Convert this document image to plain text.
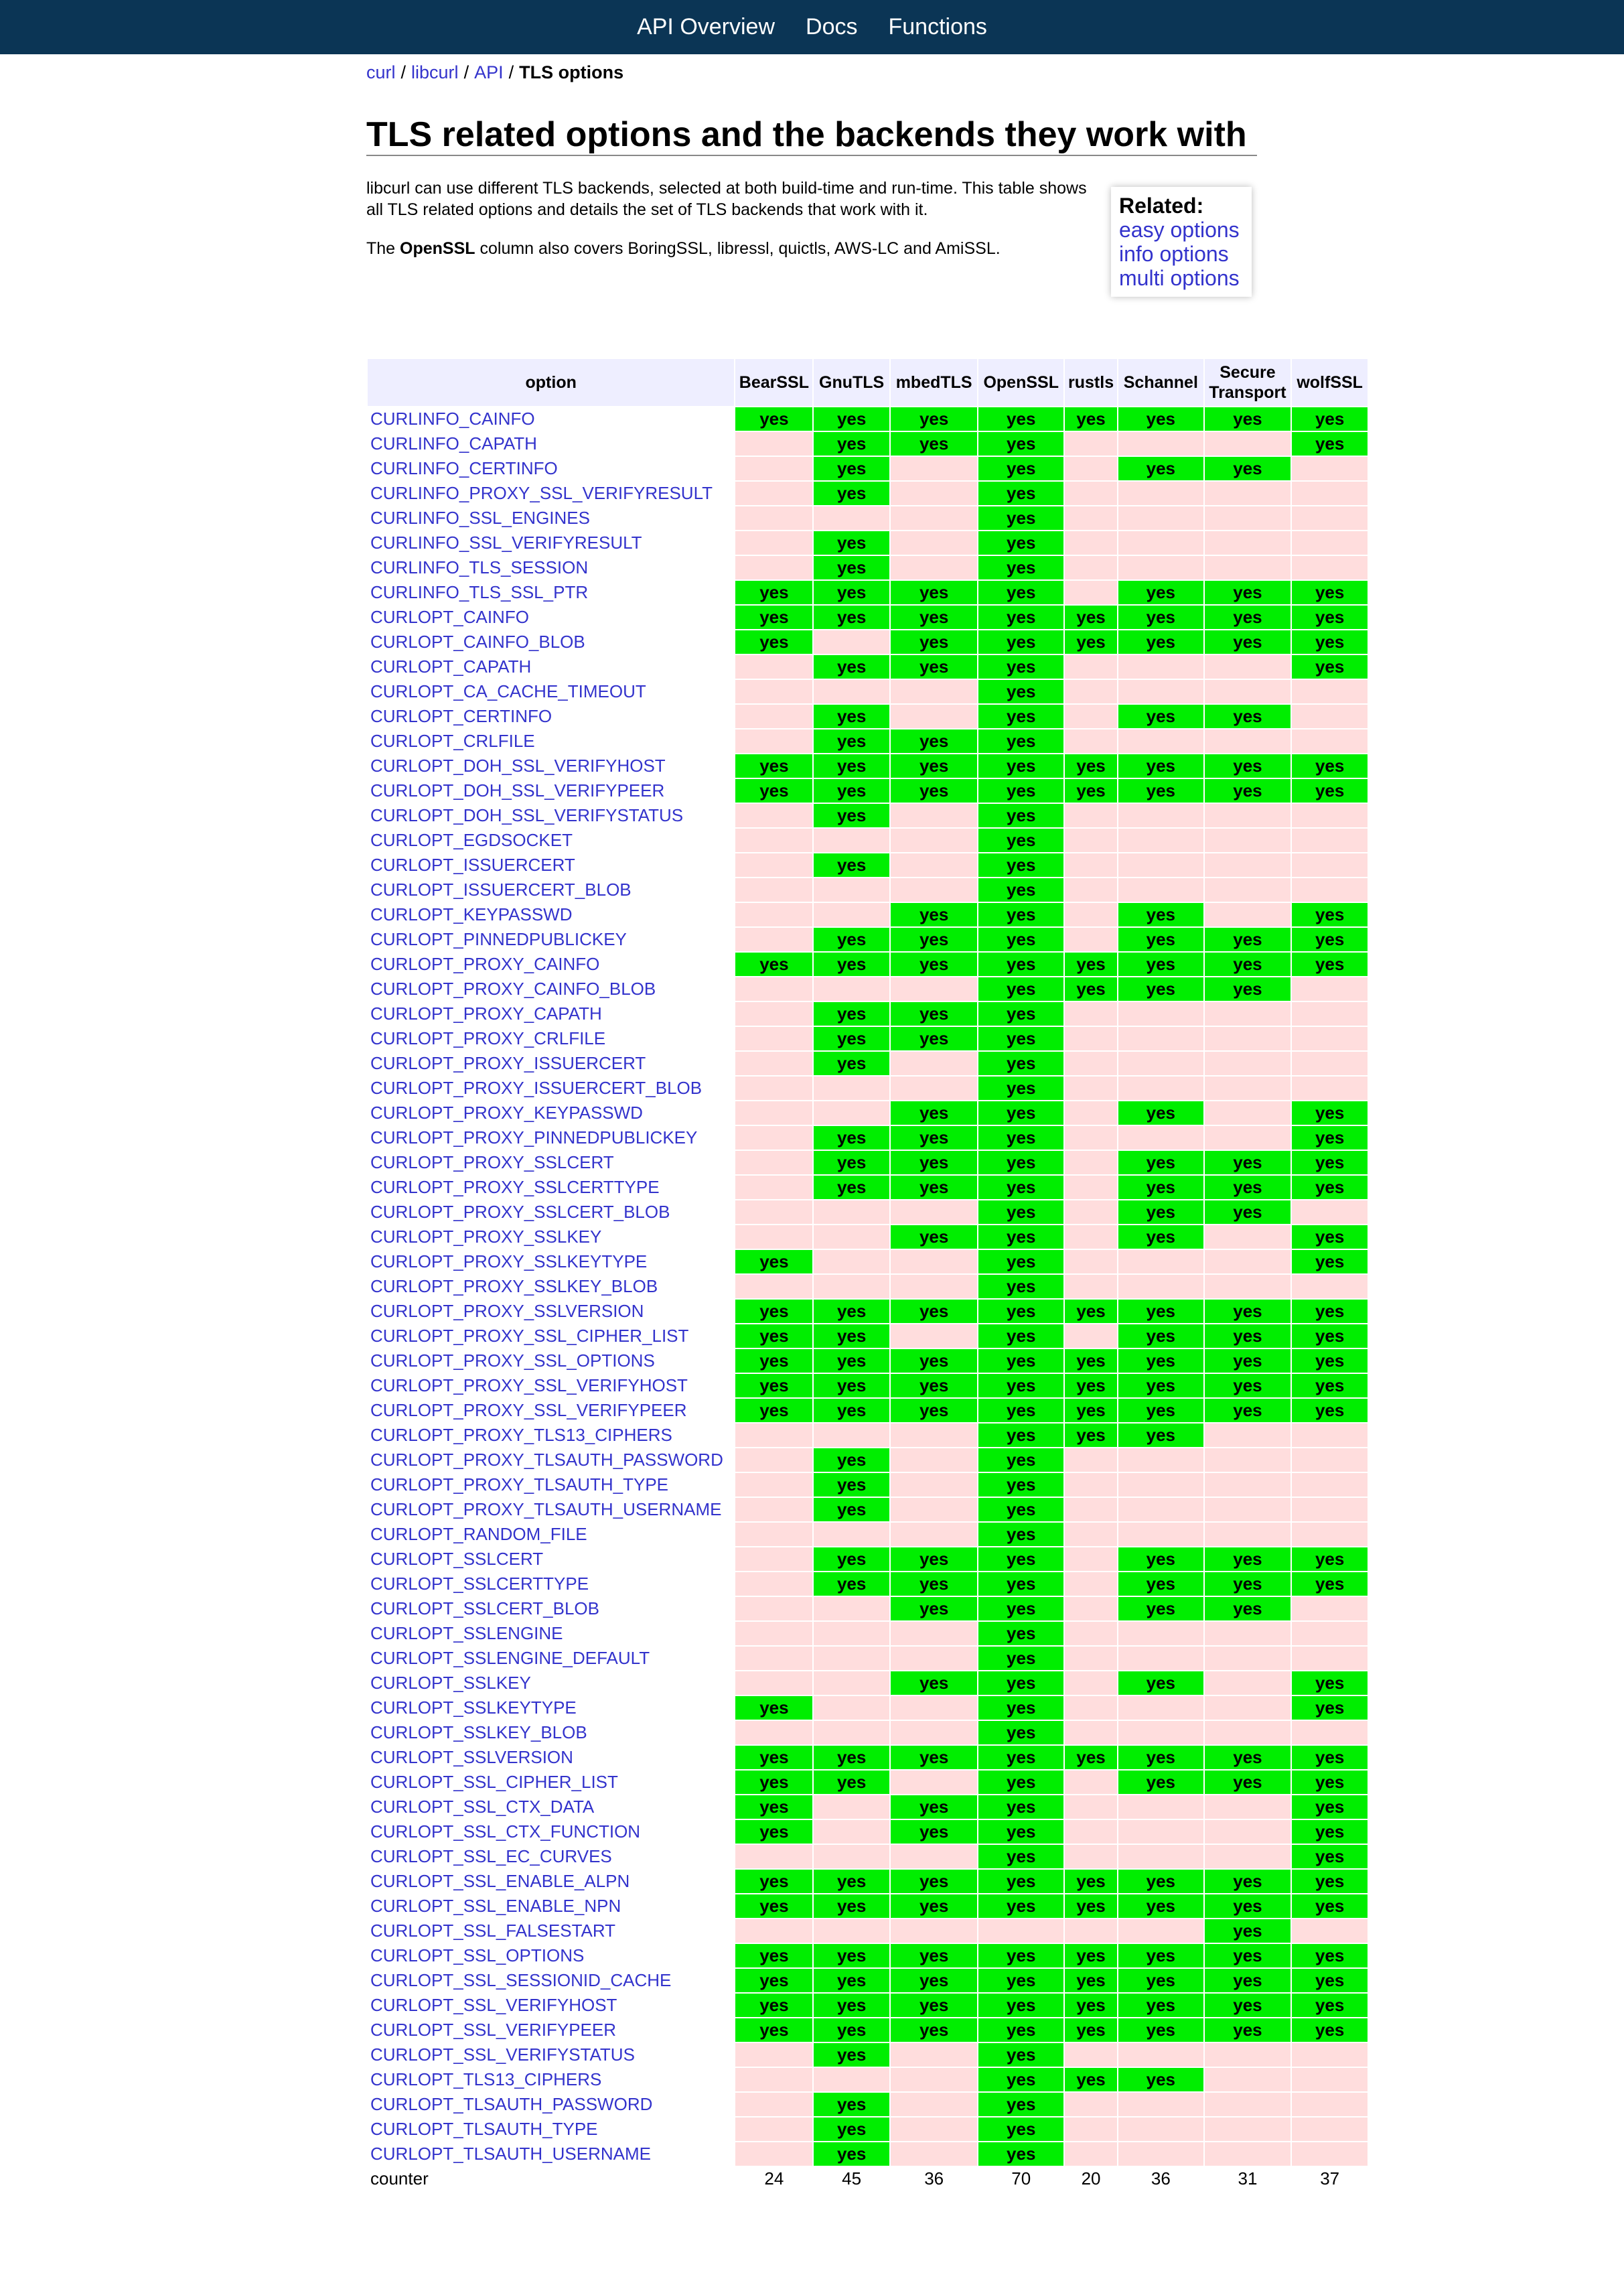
API Overview Docs Functions
curl / libcurl / API / TLS options
TLS related options and the backends they work with

libcurl can use different TLS backends, selected at both build-time and run-time. This table shows all TLS related options and details the set of TLS backends that work with it.

The OpenSSL column also covers BoringSSL, libressl, quictls, AWS-LC and AmiSSL.

Related:
easy options
info options
multi options
option	BearSSL	GnuTLS	mbedTLS	OpenSSL	rustls	Schannel	Secure
Transport	wolfSSL
CURLINFO_CAINFO	yes	yes	yes	yes	yes	yes	yes	yes
CURLINFO_CAPATH		yes	yes	yes				yes
CURLINFO_CERTINFO		yes		yes		yes	yes	
CURLINFO_PROXY_SSL_VERIFYRESULT		yes		yes				
CURLINFO_SSL_ENGINES				yes				
CURLINFO_SSL_VERIFYRESULT		yes		yes				
CURLINFO_TLS_SESSION		yes		yes				
CURLINFO_TLS_SSL_PTR	yes	yes	yes	yes		yes	yes	yes
CURLOPT_CAINFO	yes	yes	yes	yes	yes	yes	yes	yes
CURLOPT_CAINFO_BLOB	yes		yes	yes	yes	yes	yes	yes
CURLOPT_CAPATH		yes	yes	yes				yes
CURLOPT_CA_CACHE_TIMEOUT				yes				
CURLOPT_CERTINFO		yes		yes		yes	yes	
CURLOPT_CRLFILE		yes	yes	yes				
CURLOPT_DOH_SSL_VERIFYHOST	yes	yes	yes	yes	yes	yes	yes	yes
CURLOPT_DOH_SSL_VERIFYPEER	yes	yes	yes	yes	yes	yes	yes	yes
CURLOPT_DOH_SSL_VERIFYSTATUS		yes		yes				
CURLOPT_EGDSOCKET				yes				
CURLOPT_ISSUERCERT		yes		yes				
CURLOPT_ISSUERCERT_BLOB				yes				
CURLOPT_KEYPASSWD			yes	yes		yes		yes
CURLOPT_PINNEDPUBLICKEY		yes	yes	yes		yes	yes	yes
CURLOPT_PROXY_CAINFO	yes	yes	yes	yes	yes	yes	yes	yes
CURLOPT_PROXY_CAINFO_BLOB				yes	yes	yes	yes	
CURLOPT_PROXY_CAPATH		yes	yes	yes				
CURLOPT_PROXY_CRLFILE		yes	yes	yes				
CURLOPT_PROXY_ISSUERCERT		yes		yes				
CURLOPT_PROXY_ISSUERCERT_BLOB				yes				
CURLOPT_PROXY_KEYPASSWD			yes	yes		yes		yes
CURLOPT_PROXY_PINNEDPUBLICKEY		yes	yes	yes				yes
CURLOPT_PROXY_SSLCERT		yes	yes	yes		yes	yes	yes
CURLOPT_PROXY_SSLCERTTYPE		yes	yes	yes		yes	yes	yes
CURLOPT_PROXY_SSLCERT_BLOB				yes		yes	yes	
CURLOPT_PROXY_SSLKEY			yes	yes		yes		yes
CURLOPT_PROXY_SSLKEYTYPE	yes			yes				yes
CURLOPT_PROXY_SSLKEY_BLOB				yes				
CURLOPT_PROXY_SSLVERSION	yes	yes	yes	yes	yes	yes	yes	yes
CURLOPT_PROXY_SSL_CIPHER_LIST	yes	yes		yes		yes	yes	yes
CURLOPT_PROXY_SSL_OPTIONS	yes	yes	yes	yes	yes	yes	yes	yes
CURLOPT_PROXY_SSL_VERIFYHOST	yes	yes	yes	yes	yes	yes	yes	yes
CURLOPT_PROXY_SSL_VERIFYPEER	yes	yes	yes	yes	yes	yes	yes	yes
CURLOPT_PROXY_TLS13_CIPHERS				yes	yes	yes		
CURLOPT_PROXY_TLSAUTH_PASSWORD		yes		yes				
CURLOPT_PROXY_TLSAUTH_TYPE		yes		yes				
CURLOPT_PROXY_TLSAUTH_USERNAME		yes		yes				
CURLOPT_RANDOM_FILE				yes				
CURLOPT_SSLCERT		yes	yes	yes		yes	yes	yes
CURLOPT_SSLCERTTYPE		yes	yes	yes		yes	yes	yes
CURLOPT_SSLCERT_BLOB			yes	yes		yes	yes	
CURLOPT_SSLENGINE				yes				
CURLOPT_SSLENGINE_DEFAULT				yes				
CURLOPT_SSLKEY			yes	yes		yes		yes
CURLOPT_SSLKEYTYPE	yes			yes				yes
CURLOPT_SSLKEY_BLOB				yes				
CURLOPT_SSLVERSION	yes	yes	yes	yes	yes	yes	yes	yes
CURLOPT_SSL_CIPHER_LIST	yes	yes		yes		yes	yes	yes
CURLOPT_SSL_CTX_DATA	yes		yes	yes				yes
CURLOPT_SSL_CTX_FUNCTION	yes		yes	yes				yes
CURLOPT_SSL_EC_CURVES				yes				yes
CURLOPT_SSL_ENABLE_ALPN	yes	yes	yes	yes	yes	yes	yes	yes
CURLOPT_SSL_ENABLE_NPN	yes	yes	yes	yes	yes	yes	yes	yes
CURLOPT_SSL_FALSESTART							yes	
CURLOPT_SSL_OPTIONS	yes	yes	yes	yes	yes	yes	yes	yes
CURLOPT_SSL_SESSIONID_CACHE	yes	yes	yes	yes	yes	yes	yes	yes
CURLOPT_SSL_VERIFYHOST	yes	yes	yes	yes	yes	yes	yes	yes
CURLOPT_SSL_VERIFYPEER	yes	yes	yes	yes	yes	yes	yes	yes
CURLOPT_SSL_VERIFYSTATUS		yes		yes				
CURLOPT_TLS13_CIPHERS				yes	yes	yes		
CURLOPT_TLSAUTH_PASSWORD		yes		yes				
CURLOPT_TLSAUTH_TYPE		yes		yes				
CURLOPT_TLSAUTH_USERNAME		yes		yes				
counter	24	45	36	70	20	36	31	37
